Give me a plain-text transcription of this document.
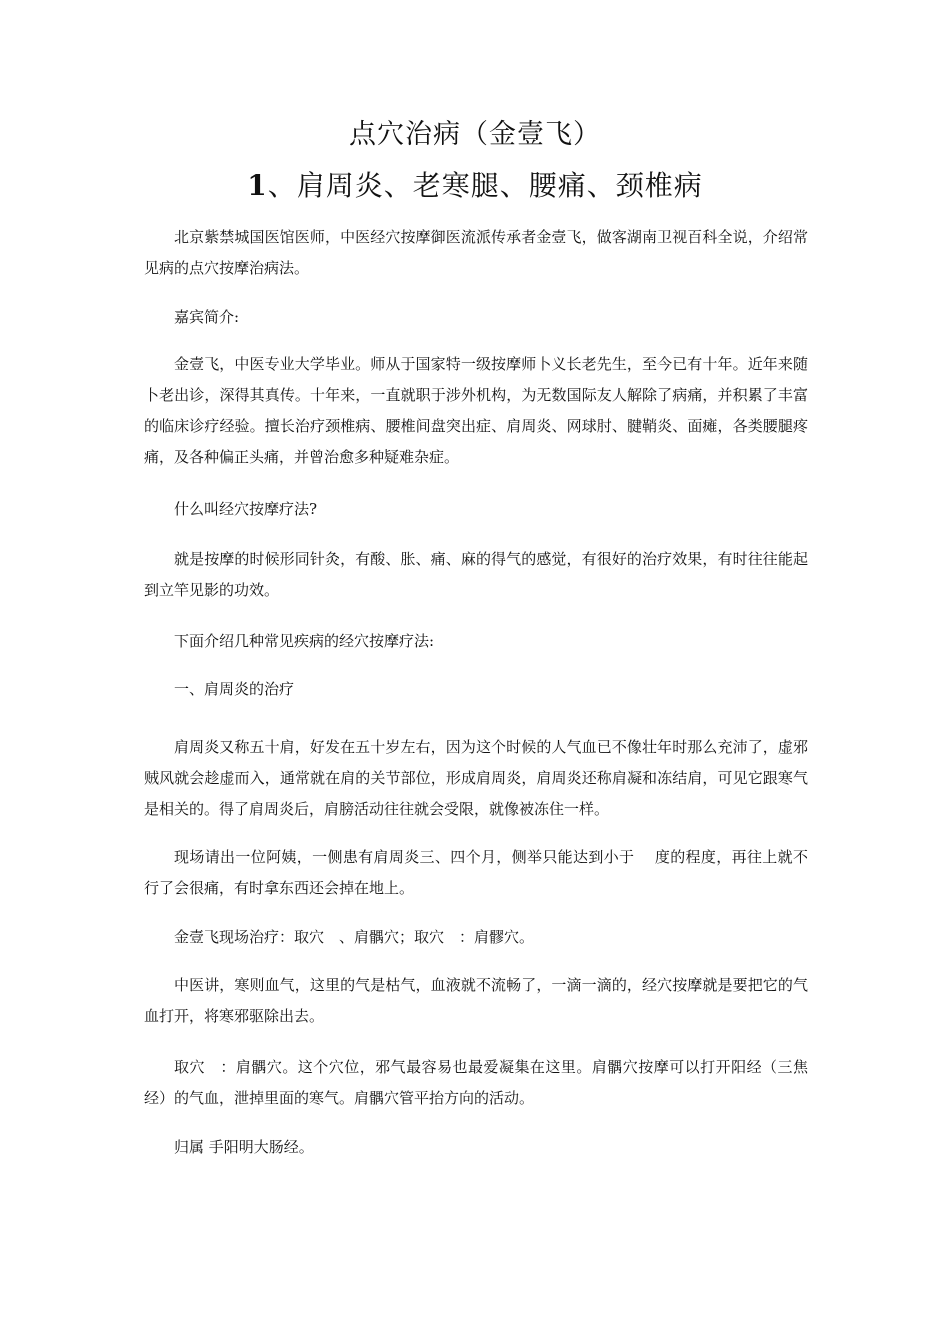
点穴治病（金壹飞）
1、肩周炎、老寒腿、腰痛、颈椎病
北京紫禁城国医馆医师，中医经穴按摩御医流派传承者金壹飞，做客湖南卫视百科全说，介绍常见病的点穴按摩治病法。
嘉宾简介:
金壹飞，中医专业大学毕业。师从于国家特一级按摩师卜义长老先生，至今已有十年。近年来随卜老出诊，深得其真传。十年来，一直就职于涉外机构，为无数国际友人解除了病痛，并积累了丰富的临床诊疗经验。擅长治疗颈椎病、腰椎间盘突出症、肩周炎、网球肘、腱鞘炎、面瘫，各类腰腿疼痛，及各种偏正头痛，并曾治愈多种疑难杂症。
什么叫经穴按摩疗法?
就是按摩的时候形同针灸，有酸、胀、痛、麻的得气的感觉，有很好的治疗效果，有时往往能起到立竿见影的功效。
下面介绍几种常见疾病的经穴按摩疗法:
一、肩周炎的治疗
肩周炎又称五十肩，好发在五十岁左右，因为这个时候的人气血已不像壮年时那么充沛了，虚邪贼风就会趁虚而入，通常就在肩的关节部位，形成肩周炎，肩周炎还称肩凝和冻结肩，可见它跟寒气是相关的。得了肩周炎后，肩膀活动往往就会受限，就像被冻住一样。
现场请出一位阿姨，一侧患有肩周炎三、四个月，侧举只能达到小于　 度的程度，再往上就不行了会很痛，有时拿东西还会掉在地上。
金壹飞现场治疗：取穴　、肩髃穴；取穴　：肩髎穴。
中医讲，寒则血气，这里的气是枯气，血液就不流畅了，一滴一滴的，经穴按摩就是要把它的气血打开，将寒邪驱除出去。
取穴　：肩髃穴。这个穴位，邪气最容易也最爱凝集在这里。肩髃穴按摩可以打开阳经（三焦经）的气血，泄掉里面的寒气。肩髃穴管平抬方向的活动。
归属 手阳明大肠经。
